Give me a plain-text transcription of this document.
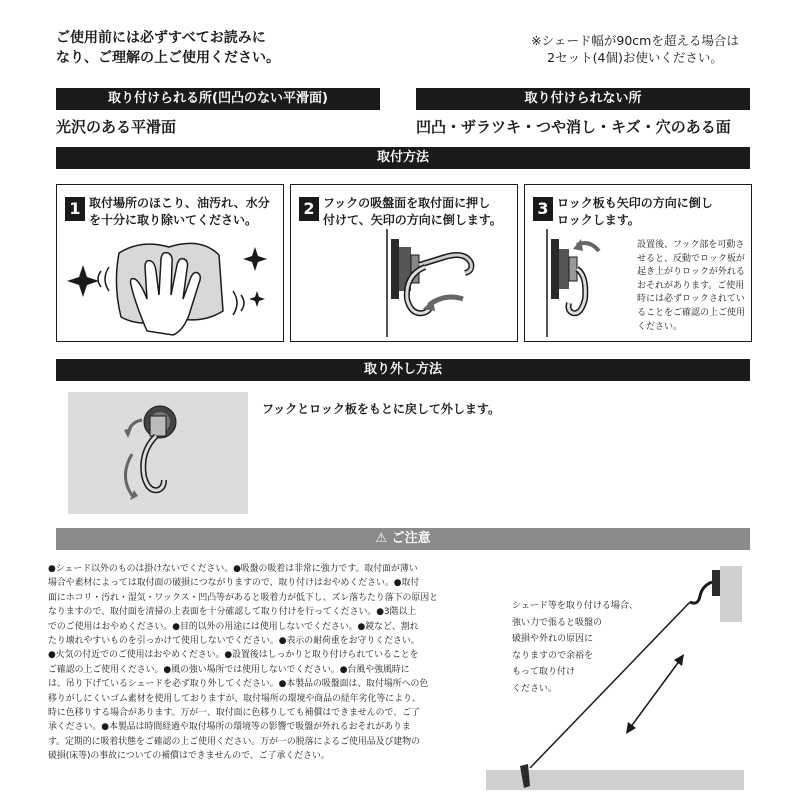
ご使用前には必ずすべてお読みに
なり、ご理解の上ご使用ください。
※シェード幅が90cmを超える場合は
2セット(4個)お使いください。
取り付けられる所(凹凸のない平滑面)
光沢のある平滑面
取り付けられない所
凹凸・ザラツキ・つや消し・キズ・穴のある面
取付方法
1 取付場所のほこり、油汚れ、水分
を十分に取り除いてください。
2 フックの吸盤面を取付面に押し
付けて、矢印の方向に倒します。
3 ロック板も矢印の方向に倒し
ロックします。
設置後、フック部を可動さ
せると、反動でロック板が
起き上がりロックが外れる
おそれがあります。ご使用
時には必ずロックされてい
ることをご確認の上ご使用
ください。
取り外し方法
フックとロック板をもとに戻して外します。
⚠ ご注意
●シェード以外のものは掛けないでください。●吸盤の吸着は非常に強力です。取付面が薄い
場合や素材によっては取付面の破損につながりますので、取り付けはおやめください。●取付
面にホコリ・汚れ・湿気・ワックス・凹凸等があると吸着力が低下し、ズレ落ちたり落下の原因と
なりますので、取付面を清掃の上表面を十分確認して取り付けを行ってください。●3階以上
でのご使用はおやめください。●目的以外の用途には使用しないでください。●鏡など、割れ
たり壊れやすいものを引っかけて使用しないでください。●表示の耐荷重をお守りください。
●火気の付近でのご使用はおやめください。●設置後はしっかりと取り付けられていることを
ご確認の上ご使用ください。●風の強い場所では使用しないでください。●台風や強風時に
は、吊り下げているシェードを必ず取り外してください。●本製品の吸盤面は、取付場所への色
移りがしにくいゴム素材を使用しておりますが、取付場所の環境や商品の経年劣化等により、
時に色移りする場合があります。万が一、取付面に色移りしても補償はできませんので、ご了
承ください。●本製品は時間経過や取付場所の環境等の影響で吸盤が外れるおそれがありま
す。定期的に吸着状態をご確認の上ご使用ください。万が一の脱落によるご使用品及び建物の
破損(床等)の事故についての補償はできませんので、ご了承ください。
シェード等を取り付ける場合、
強い力で張ると吸盤の
破損や外れの原因に
なりますので余裕を
もって取り付け
ください。
